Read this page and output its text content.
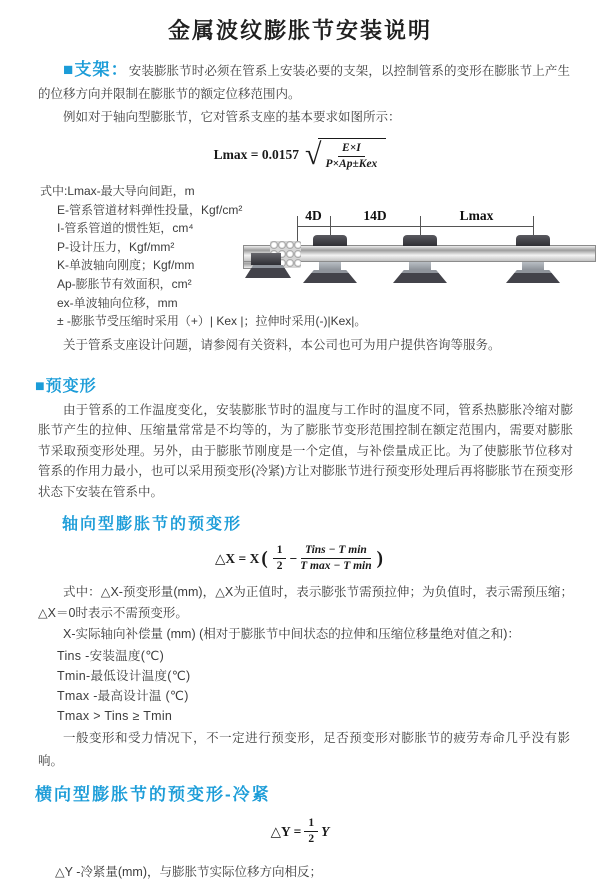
金属波纹膨胀节安装说明

■支架：安装膨胀节时必须在管系上安装必要的支架，以控制管系的变形在膨胀节上产生的位移方向并限制在膨胀节的额定位移范围内。

例如对于轴向型膨胀节，它对管系支座的基本要求如图所示：

Lmax = 0.0157 √ $\frac{E\times I}{\text{P×Ap±Kex}}$
式中:Lmax-最大导向间距，m
E-管系管道材料弹性投量，Kgf/cm²
I-管系管道的惯性矩，cm⁴
P-设计压力，Kgf/mm²
K-单波轴向刚度；Kgf/mm
Ap-膨胀节有效面积，cm²
ex-单波轴向位移，mm
± -膨胀节受压缩时采用（+）| Kex |；拉伸时采用(-)|Kex|。

关于管系支座设计问题，请参阅有关资料，本公司也可为用户提供咨询等服务。

4D	14D	Lmax
■预变形

由于管系的工作温度变化，安装膨胀节时的温度与工作时的温度不同，管系热膨胀冷缩对膨胀节产生的拉伸、压缩量常常是不均等的，为了膨胀节变形范围控制在额定范围内，需要对膨胀节采取预变形处理。另外，由于膨胀节刚度是一个定值，与补偿量成正比。为了使膨胀节位移对管系的作用力最小，也可以采用预变形(冷紧)方让对膨胀节进行预变形处理后再将膨胀节在预变形状态下安装在管系中。

轴向型膨胀节的预变形
△X = X ( $\frac{1}{2} - \frac{\text{Tins − T min}}{\text{T max − T min}}$ )

式中：△X-预变形量(mm)，△X为正值时，表示膨张节需预拉伸；为负值时，表示需预压缩；△X＝0时表示不需预变形。

X-实际轴向补偿量 (mm) (相对于膨胀节中间状态的拉伸和压缩位移量绝对值之和)：

Tins -安装温度(℃)
Tmin-最低设计温度(℃)
Tmax -最高设计温 (℃)
Tmax > Tins ≥ Tmin

一般变形和受力情况下，不一定进行预变形，足否预变形对膨胀节的疲劳寿命几乎没有影响。

横向型膨胀节的预变形-冷紧
△Y = $\frac{1}{2}$ Y

△Y -冷紧量(mm)，与膨胀节实际位移方向相反；
